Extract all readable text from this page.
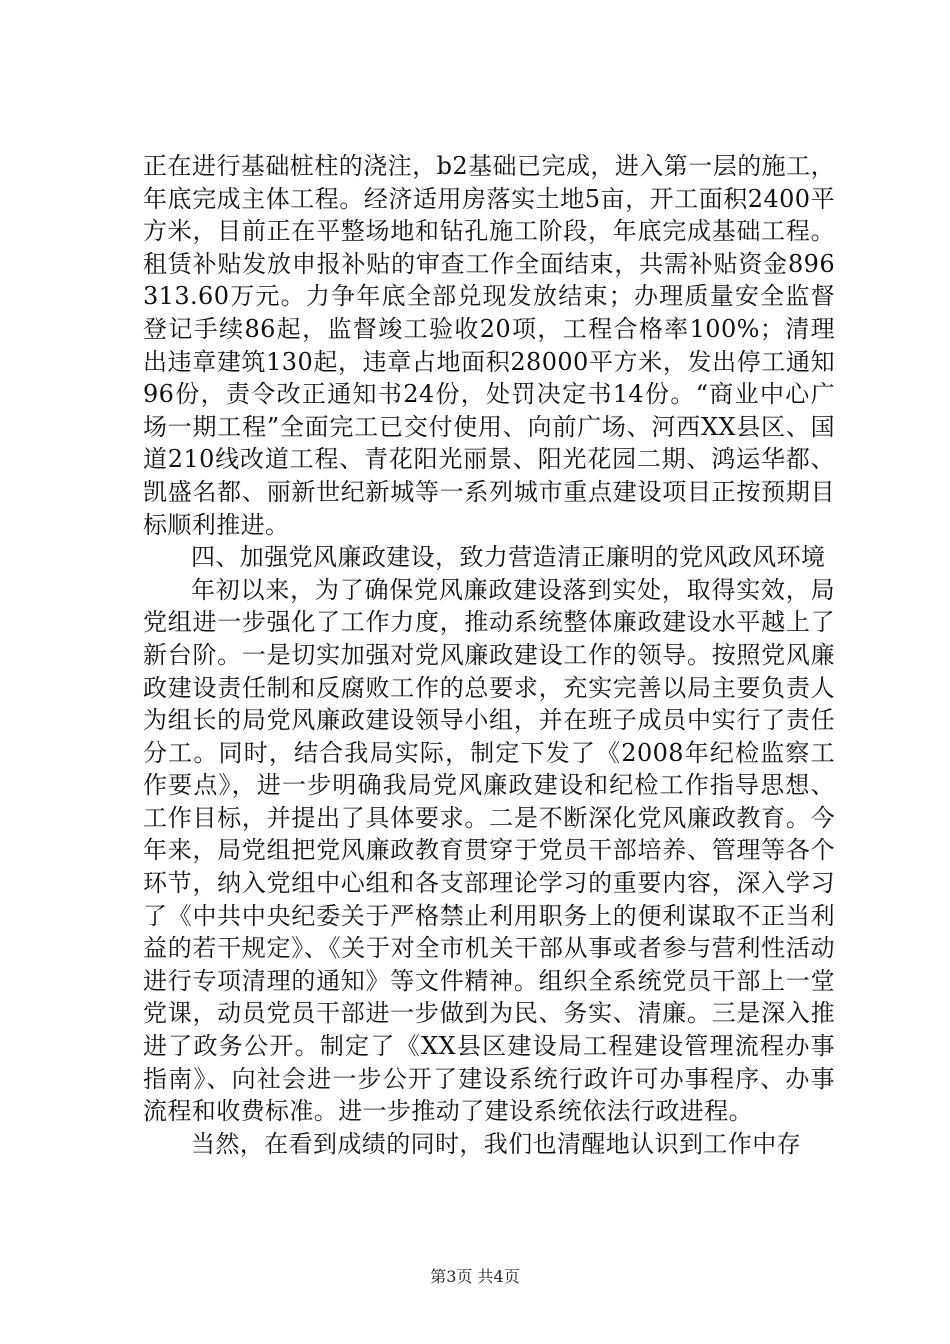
正在进行基础桩柱的浇注，b2基础已完成，进入第一层的施工，年底完成主体工程。经济适用房落实土地5亩，开工面积2400平方米，目前正在平整场地和钻孔施工阶段，年底完成基础工程。租赁补贴发放申报补贴的审查工作全面结束，共需补贴资金896313.60万元。力争年底全部兑现发放结束；办理质量安全监督登记手续86起，监督竣工验收20项，工程合格率100%；清理出违章建筑130起，违章占地面积28000平方米，发出停工通知96份，责令改正通知书24份，处罚决定书14份。“商业中心广场一期工程”全面完工已交付使用、向前广场、河西XX县区、国道210线改道工程、青花阳光丽景、阳光花园二期、鸿运华都、凯盛名都、丽新世纪新城等一系列城市重点建设项目正按预期目标顺利推进。

四、加强党风廉政建设，致力营造清正廉明的党风政风环境

年初以来，为了确保党风廉政建设落到实处，取得实效，局党组进一步强化了工作力度，推动系统整体廉政建设水平越上了新台阶。一是切实加强对党风廉政建设工作的领导。按照党风廉政建设责任制和反腐败工作的总要求，充实完善以局主要负责人为组长的局党风廉政建设领导小组，并在班子成员中实行了责任分工。同时，结合我局实际，制定下发了《2008年纪检监察工作要点》，进一步明确我局党风廉政建设和纪检工作指导思想、工作目标，并提出了具体要求。二是不断深化党风廉政教育。今年来，局党组把党风廉政教育贯穿于党员干部培养、管理等各个环节，纳入党组中心组和各支部理论学习的重要内容，深入学习了《中共中央纪委关于严格禁止利用职务上的便利谋取不正当利益的若干规定》、《关于对全市机关干部从事或者参与营利性活动进行专项清理的通知》等文件精神。组织全系统党员干部上一堂党课，动员党员干部进一步做到为民、务实、清廉。三是深入推进了政务公开。制定了《XX县区建设局工程建设管理流程办事指南》、向社会进一步公开了建设系统行政许可办事程序、办事流程和收费标准。进一步推动了建设系统依法行政进程。

当然，在看到成绩的同时，我们也清醒地认识到工作中存

第3页 共4页
